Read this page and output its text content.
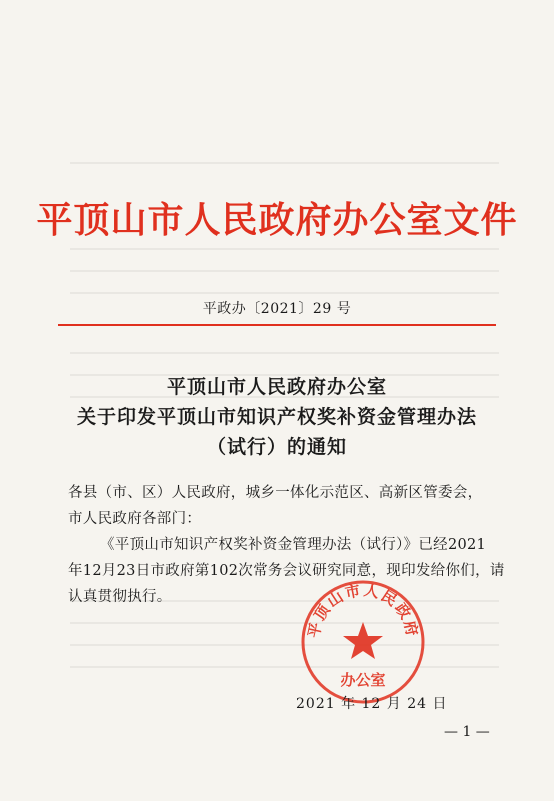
平顶山市人民政府办公室文件
平政办〔2021〕29 号
平顶山市人民政府办公室
关于印发平顶山市知识产权奖补资金管理办法
（试行）的通知
各县（市、区）人民政府，城乡一体化示范区、高新区管委会，
市人民政府各部门：
《平顶山市知识产权奖补资金管理办法（试行）》已经2021
年12月23日市政府第102次常务会议研究同意，现印发给你们，请
认真贯彻执行。
平顶山市人民政府
办公室
2021 年 12 月 24 日
— 1 —
